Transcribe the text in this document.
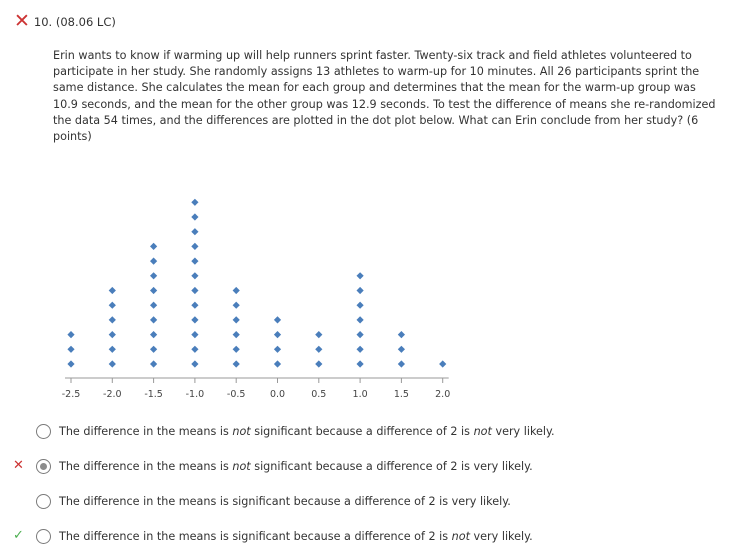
✕ 10. (08.06 LC)
Erin wants to know if warming up will help runners sprint faster. Twenty-six track and field athletes volunteered to participate in her study. She randomly assigns 13 athletes to warm-up for 10 minutes. All 26 participants sprint the same distance. She calculates the mean for each group and determines that the mean for the warm-up group was 10.9 seconds, and the mean for the other group was 12.9 seconds. To test the difference of means she re-randomized the data 54 times, and the differences are plotted in the dot plot below. What can Erin conclude from her study? (6 points)
-2.5 -2.0 -1.5 -1.0 -0.5	0.0	0.5	1.0	1.5	2.0
The difference in the means is not significant because a difference of 2 is not very likely.
✕	The difference in the means is not significant because a difference of 2 is very likely.
The difference in the means is significant because a difference of 2 is very likely.
✓	The difference in the means is significant because a difference of 2 is not very likely.
